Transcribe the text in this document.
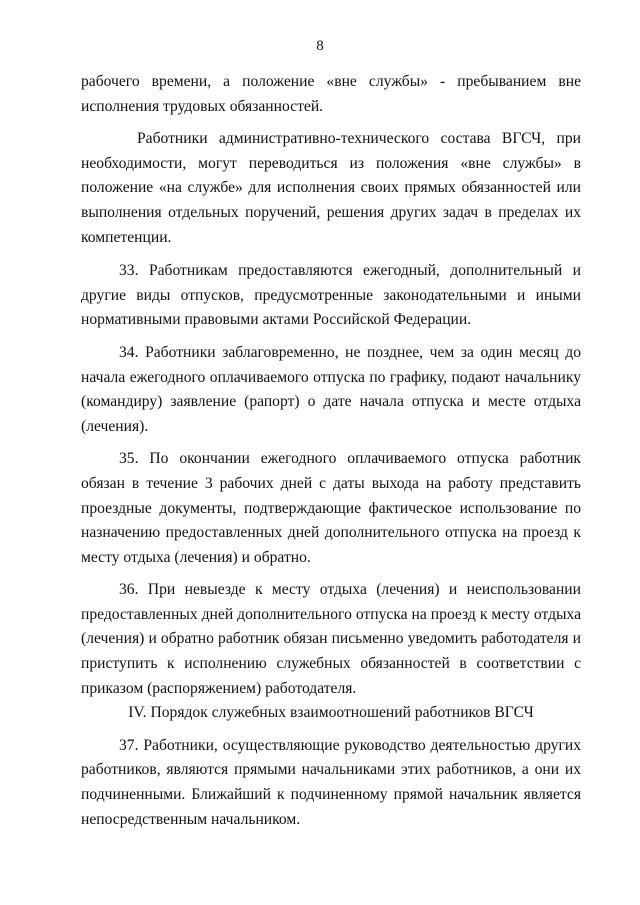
8

рабочего времени, а положение «вне службы» - пребыванием вне исполнения трудовых обязанностей.

Работники административно-технического состава ВГСЧ, при необходимости, могут переводиться из положения «вне службы» в положение «на службе» для исполнения своих прямых обязанностей или выполнения отдельных поручений, решения других задач в пределах их компетенции.

33. Работникам предоставляются ежегодный, дополнительный и другие виды отпусков, предусмотренные законодательными и иными нормативными правовыми актами Российской Федерации.

34. Работники заблаговременно, не позднее, чем за один месяц до начала ежегодного оплачиваемого отпуска по графику, подают начальнику (командиру) заявление (рапорт) о дате начала отпуска и месте отдыха (лечения).

35. По окончании ежегодного оплачиваемого отпуска работник обязан в течение 3 рабочих дней с даты выхода на работу представить проездные документы, подтверждающие фактическое использование по назначению предоставленных дней дополнительного отпуска на проезд к месту отдыха (лечения) и обратно.

36. При невыезде к месту отдыха (лечения) и неиспользовании предоставленных дней дополнительного отпуска на проезд к месту отдыха (лечения) и обратно работник обязан письменно уведомить работодателя и приступить к исполнению служебных обязанностей в соответствии с приказом (распоряжением) работодателя.

IV. Порядок служебных взаимоотношений работников ВГСЧ

37. Работники, осуществляющие руководство деятельностью других работников, являются прямыми начальниками этих работников, а они их подчиненными. Ближайший к подчиненному прямой начальник является непосредственным начальником.
